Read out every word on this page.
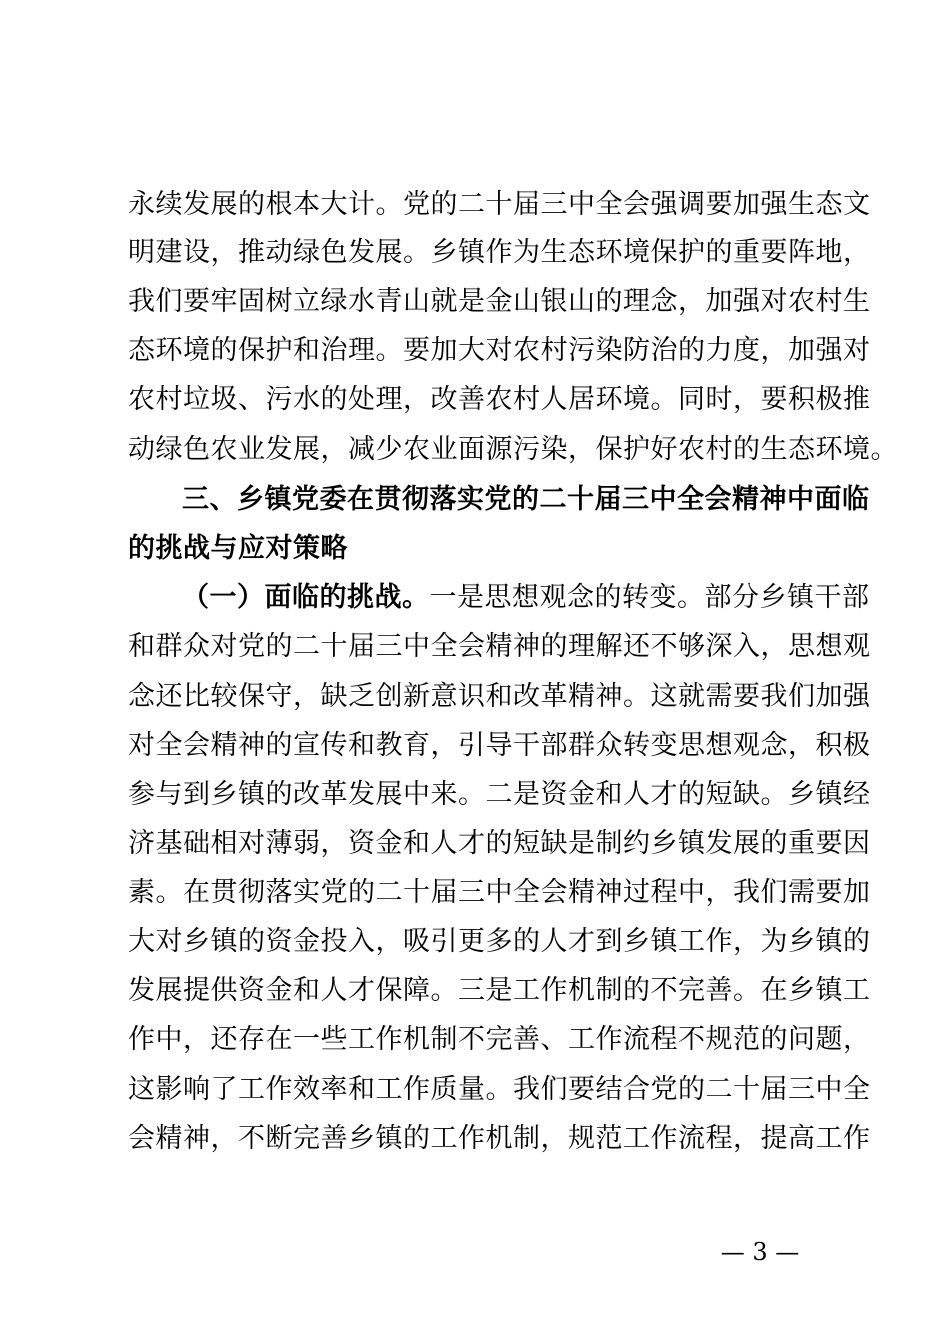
永续发展的根本大计。党的二十届三中全会强调要加强生态文
明建设，推动绿色发展。乡镇作为生态环境保护的重要阵地，
我们要牢固树立绿水青山就是金山银山的理念，加强对农村生
态环境的保护和治理。要加大对农村污染防治的力度，加强对
农村垃圾、污水的处理，改善农村人居环境。同时，要积极推
动绿色农业发展，减少农业面源污染，保护好农村的生态环境。
三、乡镇党委在贯彻落实党的二十届三中全会精神中面临
的挑战与应对策略
（一）面临的挑战。一是思想观念的转变。部分乡镇干部
和群众对党的二十届三中全会精神的理解还不够深入，思想观
念还比较保守，缺乏创新意识和改革精神。这就需要我们加强
对全会精神的宣传和教育，引导干部群众转变思想观念，积极
参与到乡镇的改革发展中来。二是资金和人才的短缺。乡镇经
济基础相对薄弱，资金和人才的短缺是制约乡镇发展的重要因
素。在贯彻落实党的二十届三中全会精神过程中，我们需要加
大对乡镇的资金投入，吸引更多的人才到乡镇工作，为乡镇的
发展提供资金和人才保障。三是工作机制的不完善。在乡镇工
作中，还存在一些工作机制不完善、工作流程不规范的问题，
这影响了工作效率和工作质量。我们要结合党的二十届三中全
会精神，不断完善乡镇的工作机制，规范工作流程，提高工作
— 3 —
